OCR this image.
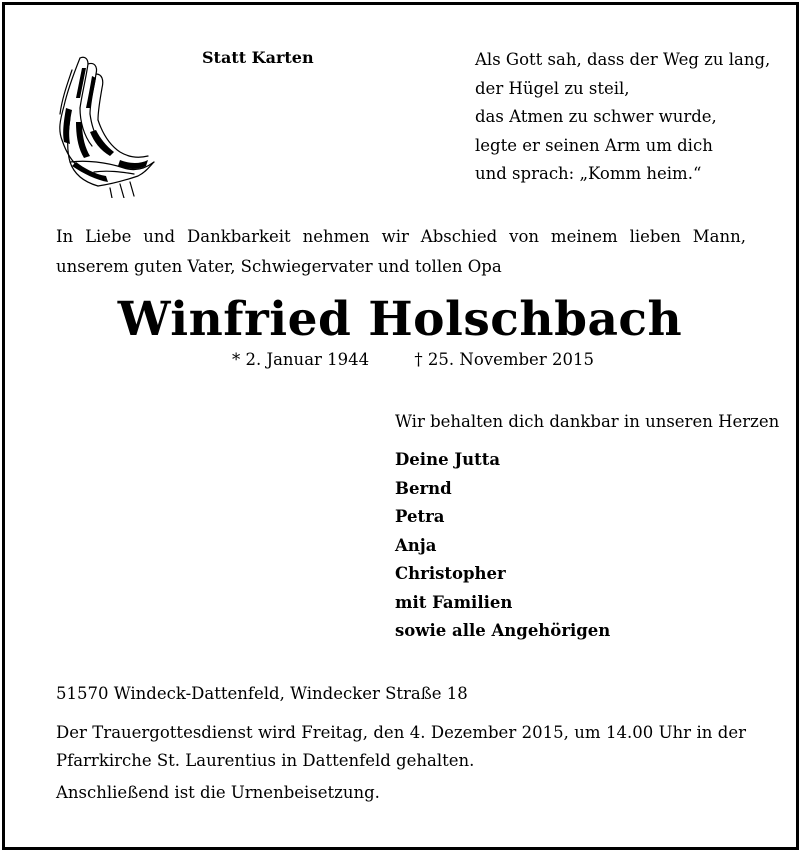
Statt Karten	Als Gott sah, dass der Weg zu lang,
der Hügel zu steil,
das Atmen zu schwer wurde,
legte er seinen Arm um dich
und sprach: „Komm heim.“
In Liebe und Dankbarkeit nehmen wir Abschied von meinem lieben Mann, unserem guten Vater, Schwiegervater und tollen Opa
Winfried Holschbach
* 2. Januar 1944	† 25. November 2015
Wir behalten dich dankbar in unseren Herzen
Deine Jutta
Bernd
Petra
Anja
Christopher
mit Familien
sowie alle Angehörigen
51570 Windeck-Dattenfeld, Windecker Straße 18
Der Trauergottesdienst wird Freitag, den 4. Dezember 2015, um 14.00 Uhr in der Pfarrkirche St. Laurentius in Dattenfeld gehalten.
Anschließend ist die Urnenbeisetzung.
